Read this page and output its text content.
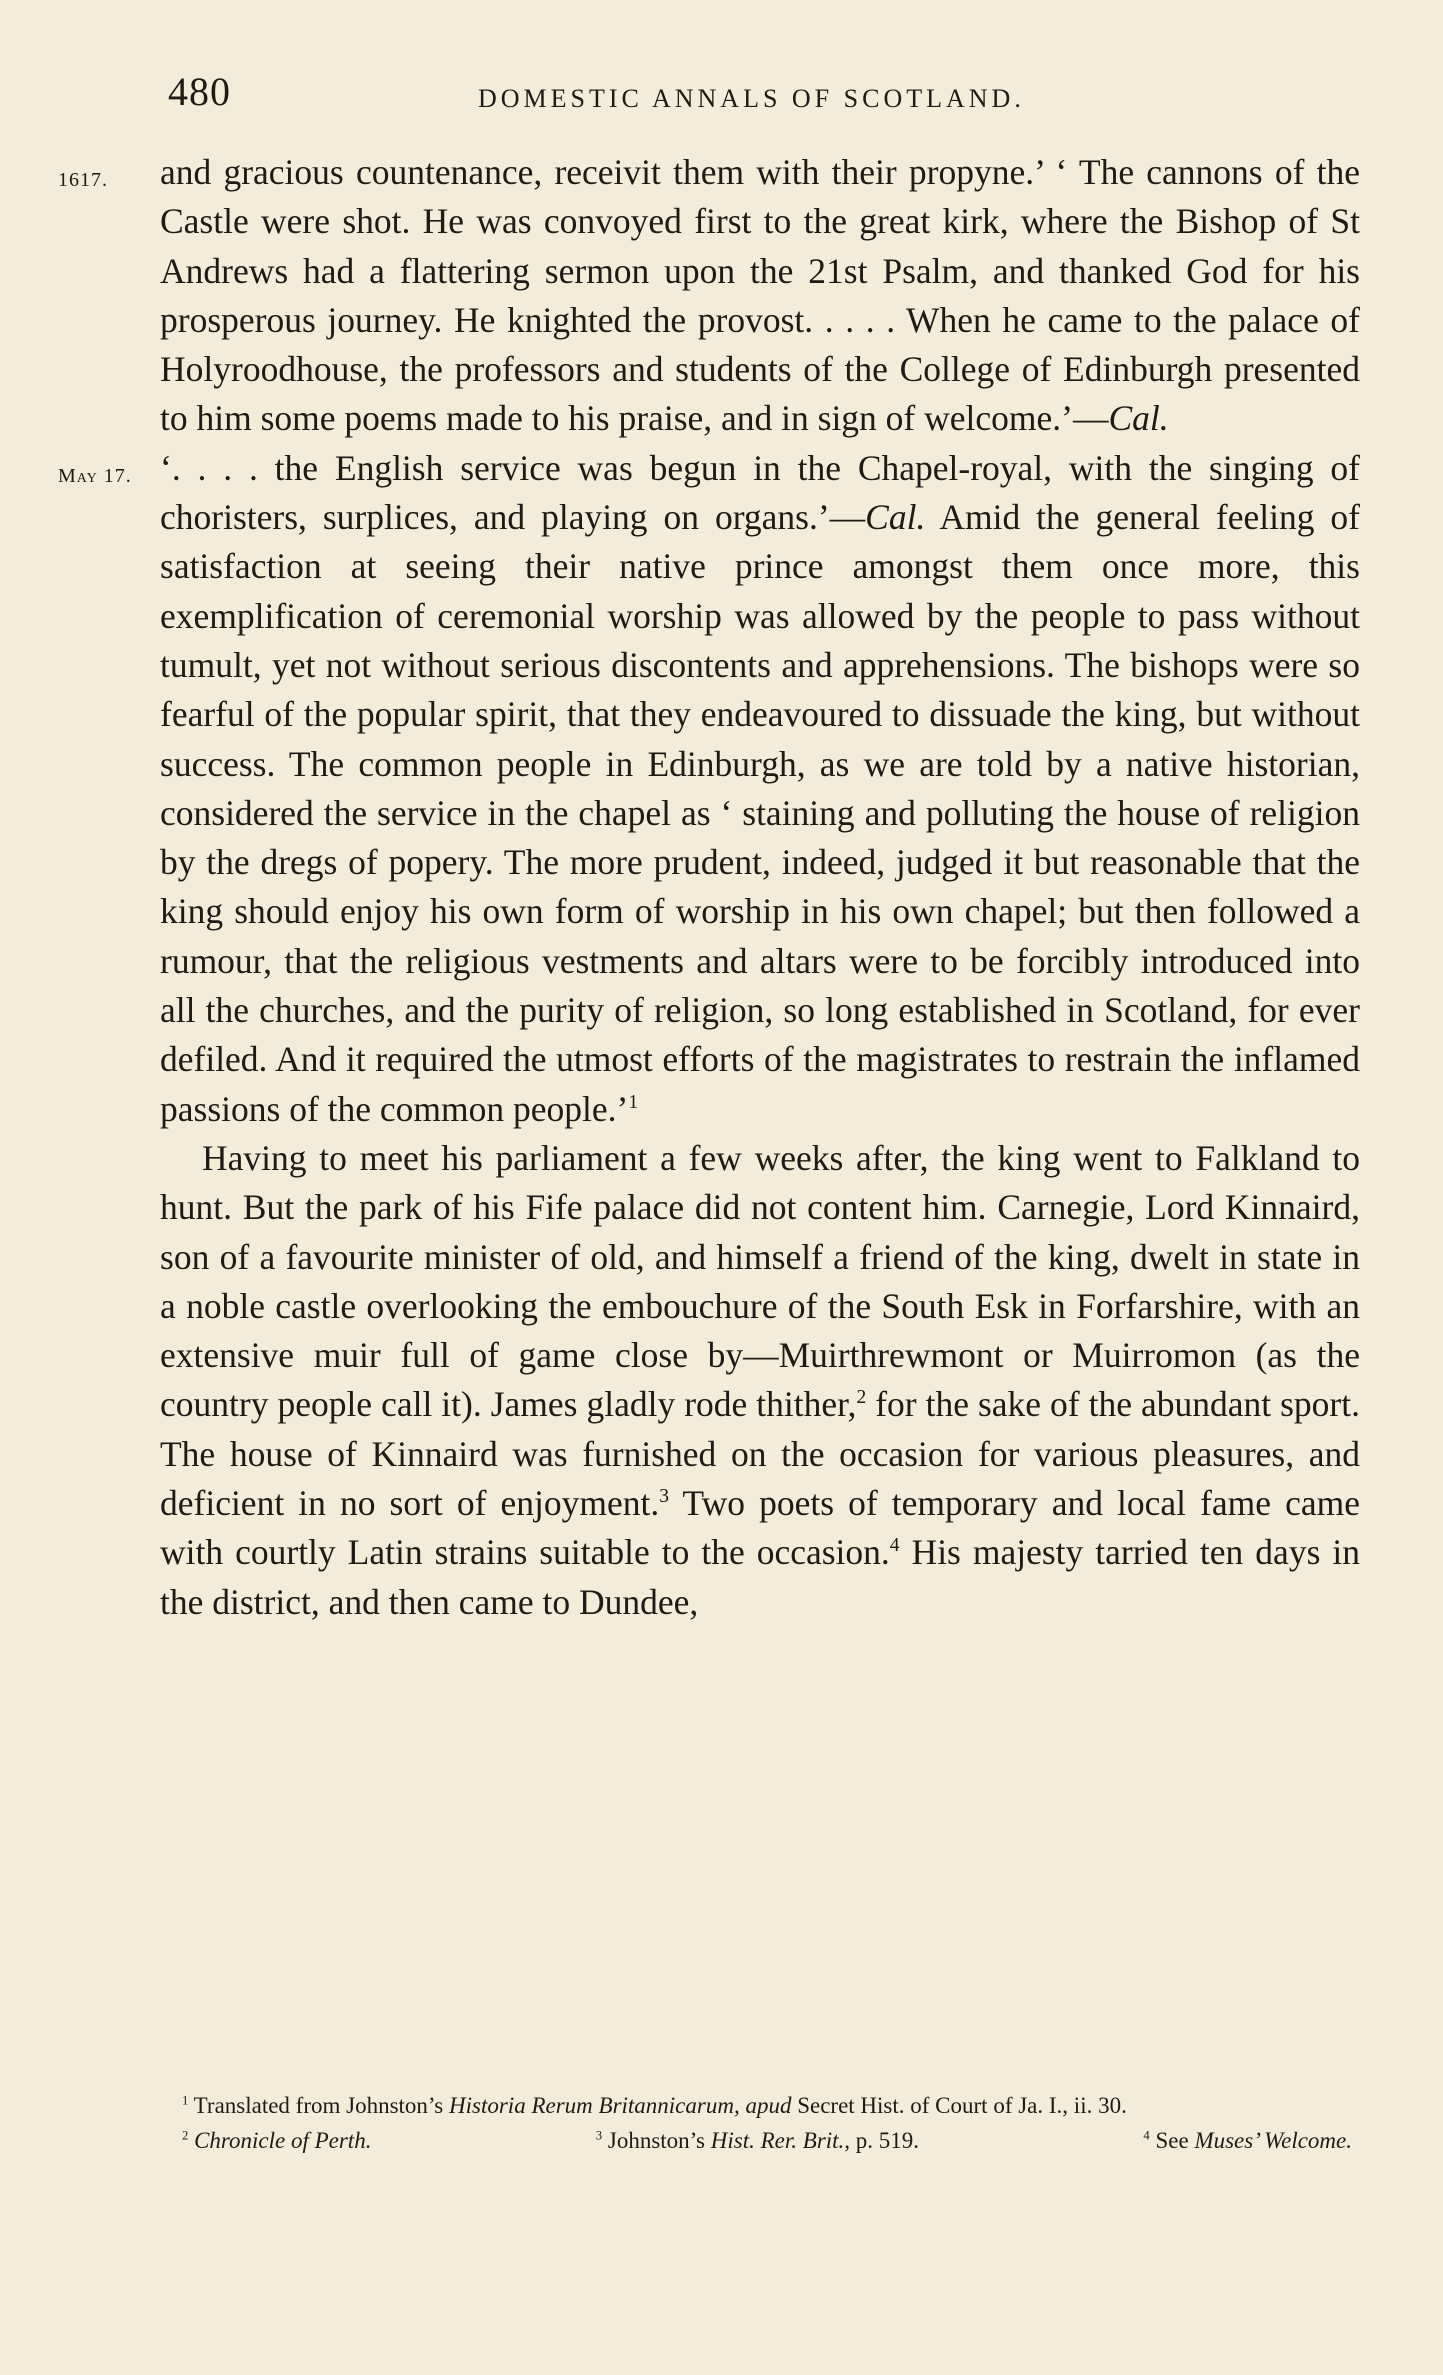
480	DOMESTIC ANNALS OF SCOTLAND.

1617. and gracious countenance, receivit them with their propyne.’ ‘ The cannons of the Castle were shot. He was convoyed first to the great kirk, where the Bishop of St Andrews had a flattering sermon upon the 21st Psalm, and thanked God for his prosperous journey. He knighted the provost. . . . . When he came to the palace of Holyroodhouse, the professors and students of the College of Edinburgh presented to him some poems made to his praise, and in sign of welcome.’—Cal.

May 17. ‘. . . . the English service was begun in the Chapel-royal, with the singing of choristers, surplices, and playing on organs.’—Cal. Amid the general feeling of satisfaction at seeing their native prince amongst them once more, this exemplification of ceremonial worship was allowed by the people to pass without tumult, yet not without serious discontents and apprehensions. The bishops were so fearful of the popular spirit, that they endeavoured to dissuade the king, but without success. The common people in Edinburgh, as we are told by a native historian, considered the service in the chapel as ‘ staining and polluting the house of religion by the dregs of popery. The more prudent, indeed, judged it but reasonable that the king should enjoy his own form of worship in his own chapel; but then followed a rumour, that the religious vestments and altars were to be forcibly introduced into all the churches, and the purity of religion, so long established in Scotland, for ever defiled. And it required the utmost efforts of the magistrates to restrain the inflamed passions of the common people.’$^1$

Having to meet his parliament a few weeks after, the king went to Falkland to hunt. But the park of his Fife palace did not content him. Carnegie, Lord Kinnaird, son of a favourite minister of old, and himself a friend of the king, dwelt in state in a noble castle overlooking the embouchure of the South Esk in Forfarshire, with an extensive muir full of game close by—Muirthrewmont or Muirromon (as the country people call it). James gladly rode thither,$^2$ for the sake of the abundant sport. The house of Kinnaird was furnished on the occasion for various pleasures, and deficient in no sort of enjoyment.$^3$ Two poets of temporary and local fame came with courtly Latin strains suitable to the occasion.$^4$ His majesty tarried ten days in the district, and then came to Dundee,

$^1$ Translated from Johnston’s Historia Rerum Britannicarum, apud Secret Hist. of Court of Ja. I., ii. 30.

$^2$ Chronicle of Perth.	$^3$ Johnston’s Hist. Rer. Brit., p. 519.	$^4$ See Muses’ Welcome.
